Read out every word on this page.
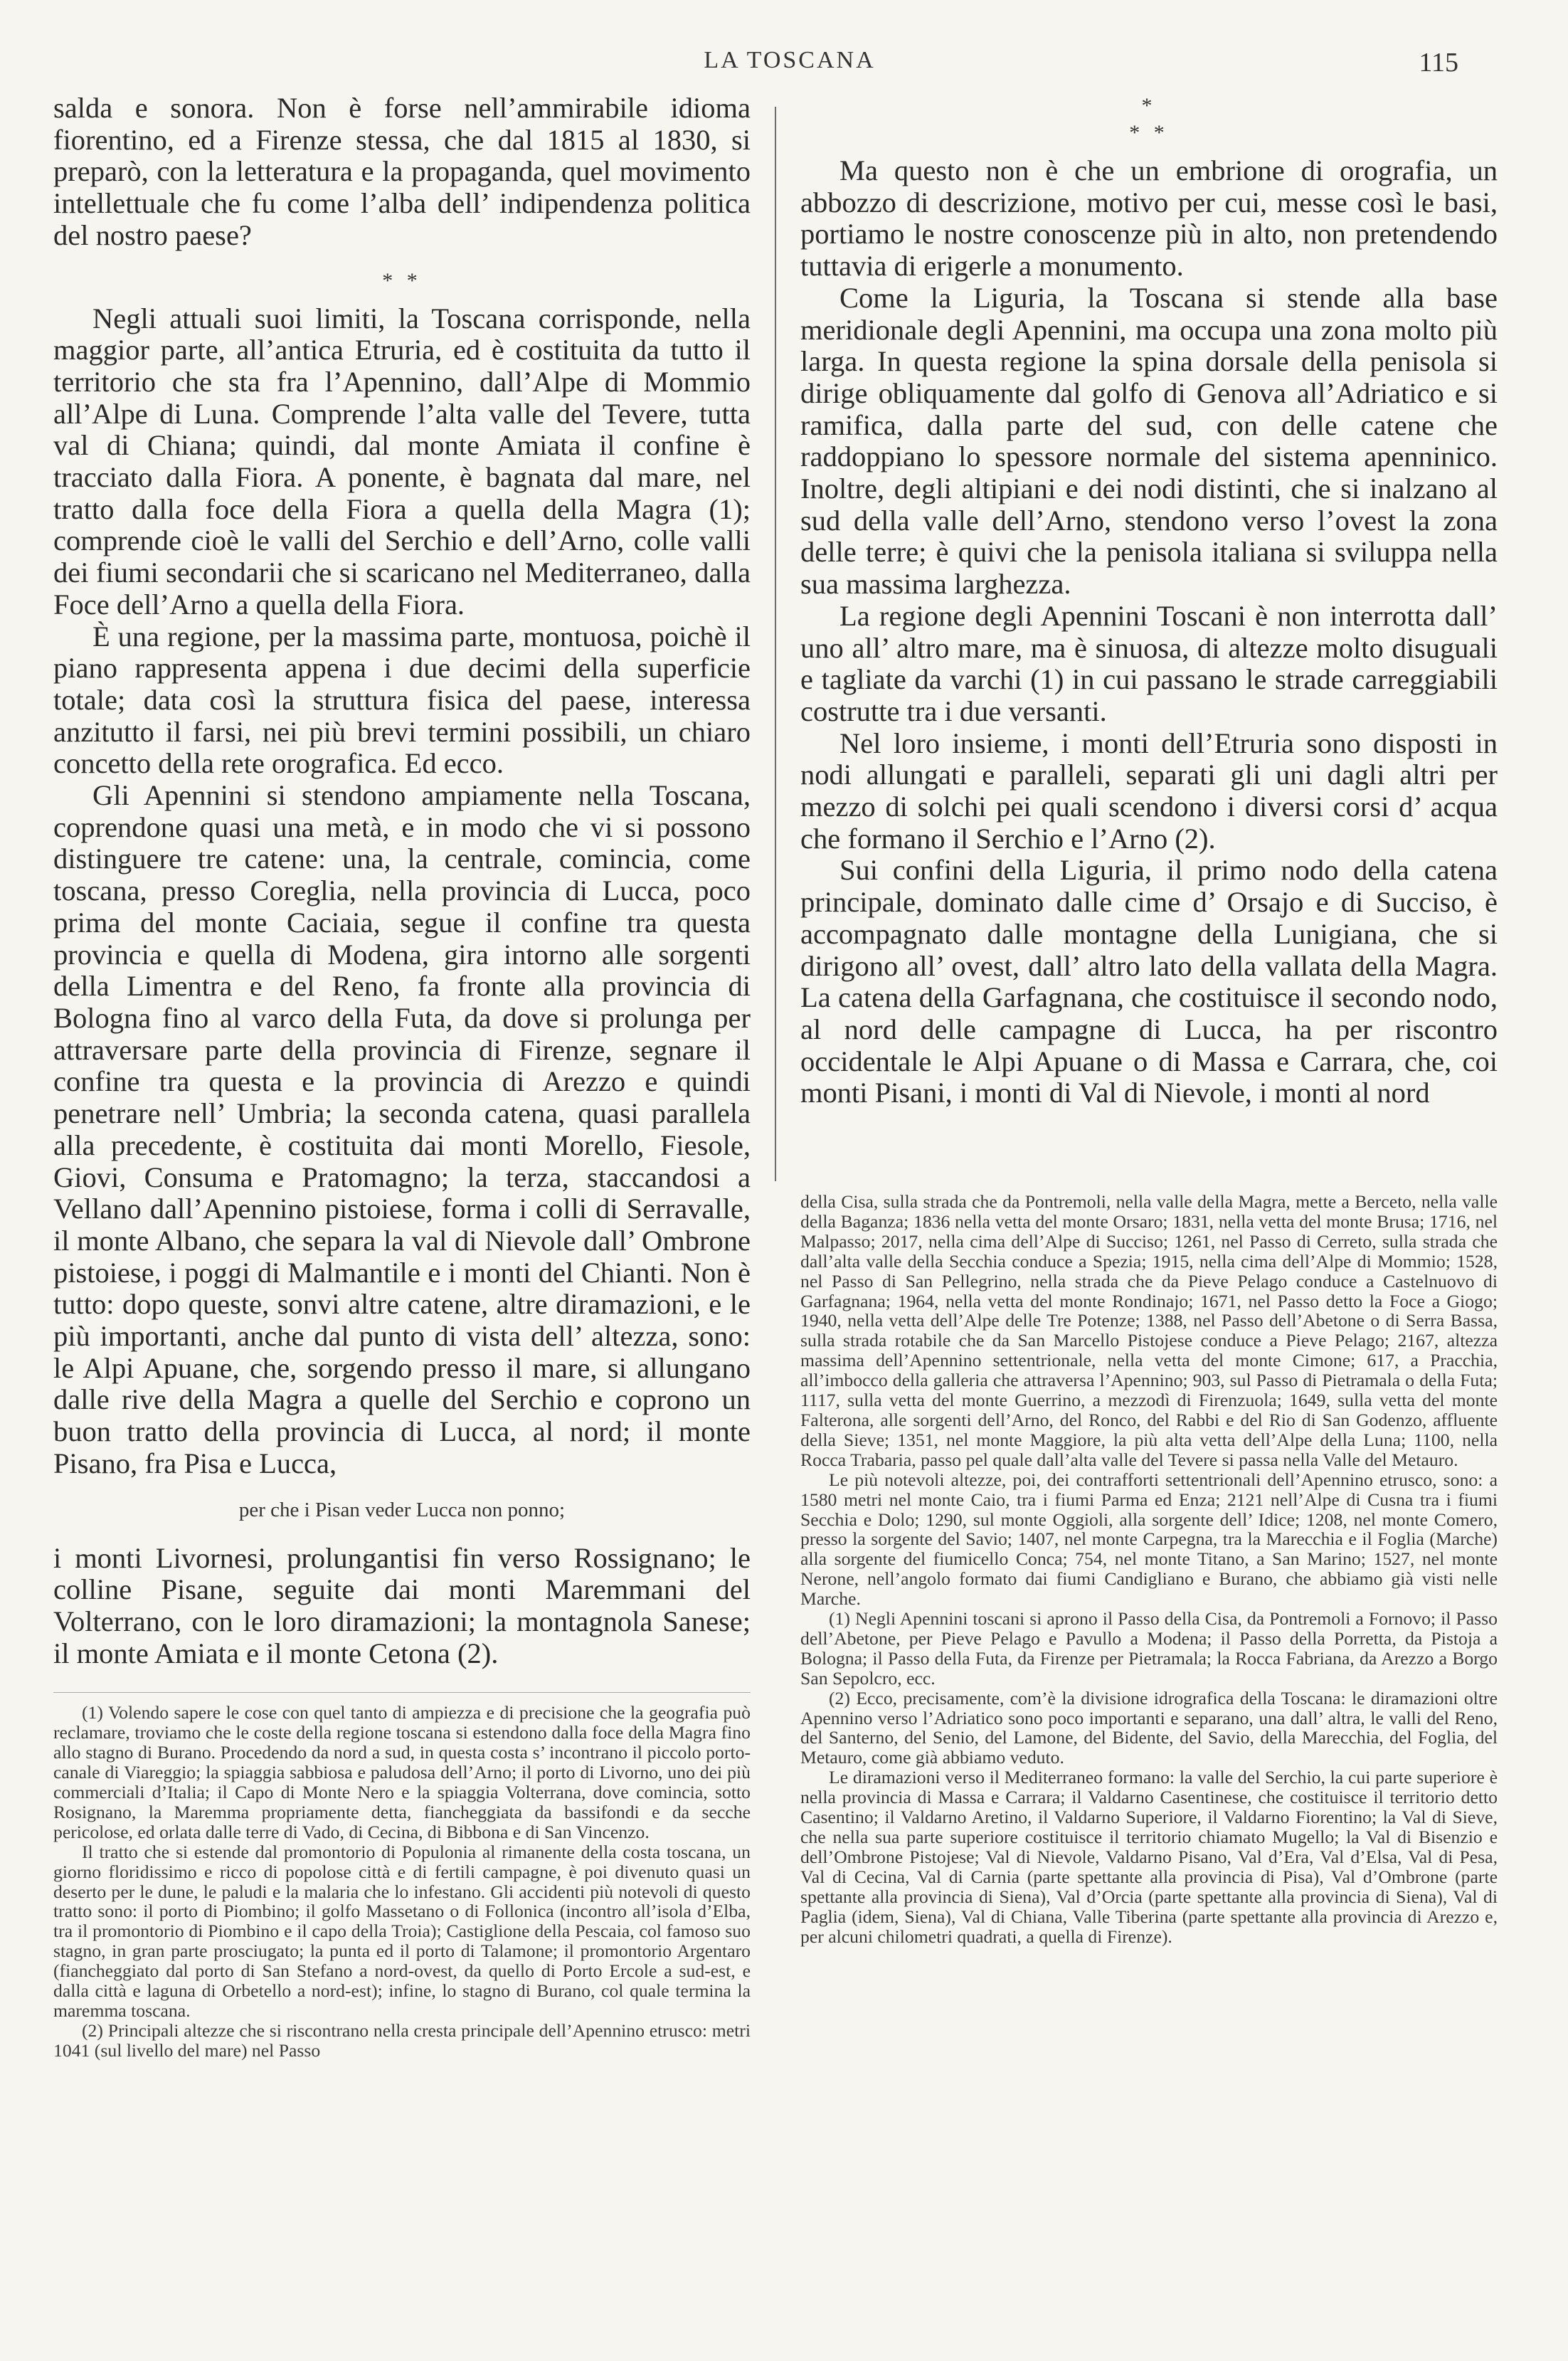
LA TOSCANA	115

salda e sonora. Non è forse nell’ammirabile idioma fiorentino, ed a Firenze stessa, che dal 1815 al 1830, si preparò, con la letteratura e la propaganda, quel movimento intellettuale che fu come l’alba dell’ indipendenza politica del nostro paese?

* *

Negli attuali suoi limiti, la Toscana corrisponde, nella maggior parte, all’antica Etruria, ed è costituita da tutto il territorio che sta fra l’Apennino, dall’Alpe di Mommio all’Alpe di Luna. Comprende l’alta valle del Tevere, tutta val di Chiana; quindi, dal monte Amiata il confine è tracciato dalla Fiora. A ponente, è bagnata dal mare, nel tratto dalla foce della Fiora a quella della Magra (1); comprende cioè le valli del Serchio e dell’Arno, colle valli dei fiumi secondarii che si scaricano nel Mediterraneo, dalla Foce dell’Arno a quella della Fiora.

È una regione, per la massima parte, montuosa, poichè il piano rappresenta appena i due decimi della superficie totale; data così la struttura fisica del paese, interessa anzitutto il farsi, nei più brevi termini possibili, un chiaro concetto della rete orografica. Ed ecco.

Gli Apennini si stendono ampiamente nella Toscana, coprendone quasi una metà, e in modo che vi si possono distinguere tre catene: una, la centrale, comincia, come toscana, presso Coreglia, nella provincia di Lucca, poco prima del monte Caciaia, segue il confine tra questa provincia e quella di Modena, gira intorno alle sorgenti della Limentra e del Reno, fa fronte alla provincia di Bologna fino al varco della Futa, da dove si prolunga per attraversare parte della provincia di Firenze, segnare il confine tra questa e la provincia di Arezzo e quindi penetrare nell’ Umbria; la seconda catena, quasi parallela alla precedente, è costituita dai monti Morello, Fiesole, Giovi, Consuma e Pratomagno; la terza, staccandosi a Vellano dall’Apennino pistoiese, forma i colli di Serravalle, il monte Albano, che separa la val di Nievole dall’ Ombrone pistoiese, i poggi di Malmantile e i monti del Chianti. Non è tutto: dopo queste, sonvi altre catene, altre diramazioni, e le più importanti, anche dal punto di vista dell’ altezza, sono: le Alpi Apuane, che, sorgendo presso il mare, si allungano dalle rive della Magra a quelle del Serchio e coprono un buon tratto della provincia di Lucca, al nord; il monte Pisano, fra Pisa e Lucca,

per che i Pisan veder Lucca non ponno;

i monti Livornesi, prolungantisi fin verso Rossignano; le colline Pisane, seguite dai monti Maremmani del Volterrano, con le loro diramazioni; la montagnola Sanese; il monte Amiata e il monte Cetona (2).

(1) Volendo sapere le cose con quel tanto di ampiezza e di precisione che la geografia può reclamare, troviamo che le coste della regione toscana si estendono dalla foce della Magra fino allo stagno di Burano. Procedendo da nord a sud, in questa costa s’ incontrano il piccolo porto-canale di Viareggio; la spiaggia sabbiosa e paludosa dell’Arno; il porto di Livorno, uno dei più commerciali d’Italia; il Capo di Monte Nero e la spiaggia Volterrana, dove comincia, sotto Rosignano, la Maremma propriamente detta, fiancheggiata da bassifondi e da secche pericolose, ed orlata dalle terre di Vado, di Cecina, di Bibbona e di San Vincenzo.

Il tratto che si estende dal promontorio di Populonia al rimanente della costa toscana, un giorno floridissimo e ricco di popolose città e di fertili campagne, è poi divenuto quasi un deserto per le dune, le paludi e la malaria che lo infestano. Gli accidenti più notevoli di questo tratto sono: il porto di Piombino; il golfo Massetano o di Follonica (incontro all’isola d’Elba, tra il promontorio di Piombino e il capo della Troia); Castiglione della Pescaia, col famoso suo stagno, in gran parte prosciugato; la punta ed il porto di Talamone; il promontorio Argentaro (fiancheggiato dal porto di San Stefano a nord-ovest, da quello di Porto Ercole a sud-est, e dalla città e laguna di Orbetello a nord-est); infine, lo stagno di Burano, col quale termina la maremma toscana.

(2) Principali altezze che si riscontrano nella cresta principale dell’Apennino etrusco: metri 1041 (sul livello del mare) nel Passo

*
* *

Ma questo non è che un embrione di orografia, un abbozzo di descrizione, motivo per cui, messe così le basi, portiamo le nostre conoscenze più in alto, non pretendendo tuttavia di erigerle a monumento.

Come la Liguria, la Toscana si stende alla base meridionale degli Apennini, ma occupa una zona molto più larga. In questa regione la spina dorsale della penisola si dirige obliquamente dal golfo di Genova all’Adriatico e si ramifica, dalla parte del sud, con delle catene che raddoppiano lo spessore normale del sistema apenninico. Inoltre, degli altipiani e dei nodi distinti, che si inalzano al sud della valle dell’Arno, stendono verso l’ovest la zona delle terre; è quivi che la penisola italiana si sviluppa nella sua massima larghezza.

La regione degli Apennini Toscani è non interrotta dall’ uno all’ altro mare, ma è sinuosa, di altezze molto disuguali e tagliate da varchi (1) in cui passano le strade carreggiabili costrutte tra i due versanti.

Nel loro insieme, i monti dell’Etruria sono disposti in nodi allungati e paralleli, separati gli uni dagli altri per mezzo di solchi pei quali scendono i diversi corsi d’ acqua che formano il Serchio e l’Arno (2).

Sui confini della Liguria, il primo nodo della catena principale, dominato dalle cime d’ Orsajo e di Succiso, è accompagnato dalle montagne della Lunigiana, che si dirigono all’ ovest, dall’ altro lato della vallata della Magra. La catena della Garfagnana, che costituisce il secondo nodo, al nord delle campagne di Lucca, ha per riscontro occidentale le Alpi Apuane o di Massa e Carrara, che, coi monti Pisani, i monti di Val di Nievole, i monti al nord

della Cisa, sulla strada che da Pontremoli, nella valle della Magra, mette a Berceto, nella valle della Baganza; 1836 nella vetta del monte Orsaro; 1831, nella vetta del monte Brusa; 1716, nel Malpasso; 2017, nella cima dell’Alpe di Succiso; 1261, nel Passo di Cerreto, sulla strada che dall’alta valle della Secchia conduce a Spezia; 1915, nella cima dell’Alpe di Mommio; 1528, nel Passo di San Pellegrino, nella strada che da Pieve Pelago conduce a Castelnuovo di Garfagnana; 1964, nella vetta del monte Rondinajo; 1671, nel Passo detto la Foce a Giogo; 1940, nella vetta dell’Alpe delle Tre Potenze; 1388, nel Passo dell’Abetone o di Serra Bassa, sulla strada rotabile che da San Marcello Pistojese conduce a Pieve Pelago; 2167, altezza massima dell’Apennino settentrionale, nella vetta del monte Cimone; 617, a Pracchia, all’imbocco della galleria che attraversa l’Apennino; 903, sul Passo di Pietramala o della Futa; 1117, sulla vetta del monte Guerrino, a mezzodì di Firenzuola; 1649, sulla vetta del monte Falterona, alle sorgenti dell’Arno, del Ronco, del Rabbi e del Rio di San Godenzo, affluente della Sieve; 1351, nel monte Maggiore, la più alta vetta dell’Alpe della Luna; 1100, nella Rocca Trabaria, passo pel quale dall’alta valle del Tevere si passa nella Valle del Metauro.

Le più notevoli altezze, poi, dei contrafforti settentrionali dell’Apennino etrusco, sono: a 1580 metri nel monte Caio, tra i fiumi Parma ed Enza; 2121 nell’Alpe di Cusna tra i fiumi Secchia e Dolo; 1290, sul monte Oggioli, alla sorgente dell’ Idice; 1208, nel monte Comero, presso la sorgente del Savio; 1407, nel monte Carpegna, tra la Marecchia e il Foglia (Marche) alla sorgente del fiumicello Conca; 754, nel monte Titano, a San Marino; 1527, nel monte Nerone, nell’angolo formato dai fiumi Candigliano e Burano, che abbiamo già visti nelle Marche.

(1) Negli Apennini toscani si aprono il Passo della Cisa, da Pontremoli a Fornovo; il Passo dell’Abetone, per Pieve Pelago e Pavullo a Modena; il Passo della Porretta, da Pistoja a Bologna; il Passo della Futa, da Firenze per Pietramala; la Rocca Fabriana, da Arezzo a Borgo San Sepolcro, ecc.

(2) Ecco, precisamente, com’è la divisione idrografica della Toscana: le diramazioni oltre Apennino verso l’Adriatico sono poco importanti e separano, una dall’ altra, le valli del Reno, del Santerno, del Senio, del Lamone, del Bidente, del Savio, della Marecchia, del Foglia, del Metauro, come già abbiamo veduto.

Le diramazioni verso il Mediterraneo formano: la valle del Serchio, la cui parte superiore è nella provincia di Massa e Carrara; il Valdarno Casentinese, che costituisce il territorio detto Casentino; il Valdarno Aretino, il Valdarno Superiore, il Valdarno Fiorentino; la Val di Sieve, che nella sua parte superiore costituisce il territorio chiamato Mugello; la Val di Bisenzio e dell’Ombrone Pistojese; Val di Nievole, Valdarno Pisano, Val d’Era, Val d’Elsa, Val di Pesa, Val di Cecina, Val di Carnia (parte spettante alla provincia di Pisa), Val d’Ombrone (parte spettante alla provincia di Siena), Val d’Orcia (parte spettante alla provincia di Siena), Val di Paglia (idem, Siena), Val di Chiana, Valle Tiberina (parte spettante alla provincia di Arezzo e, per alcuni chilometri quadrati, a quella di Firenze).
